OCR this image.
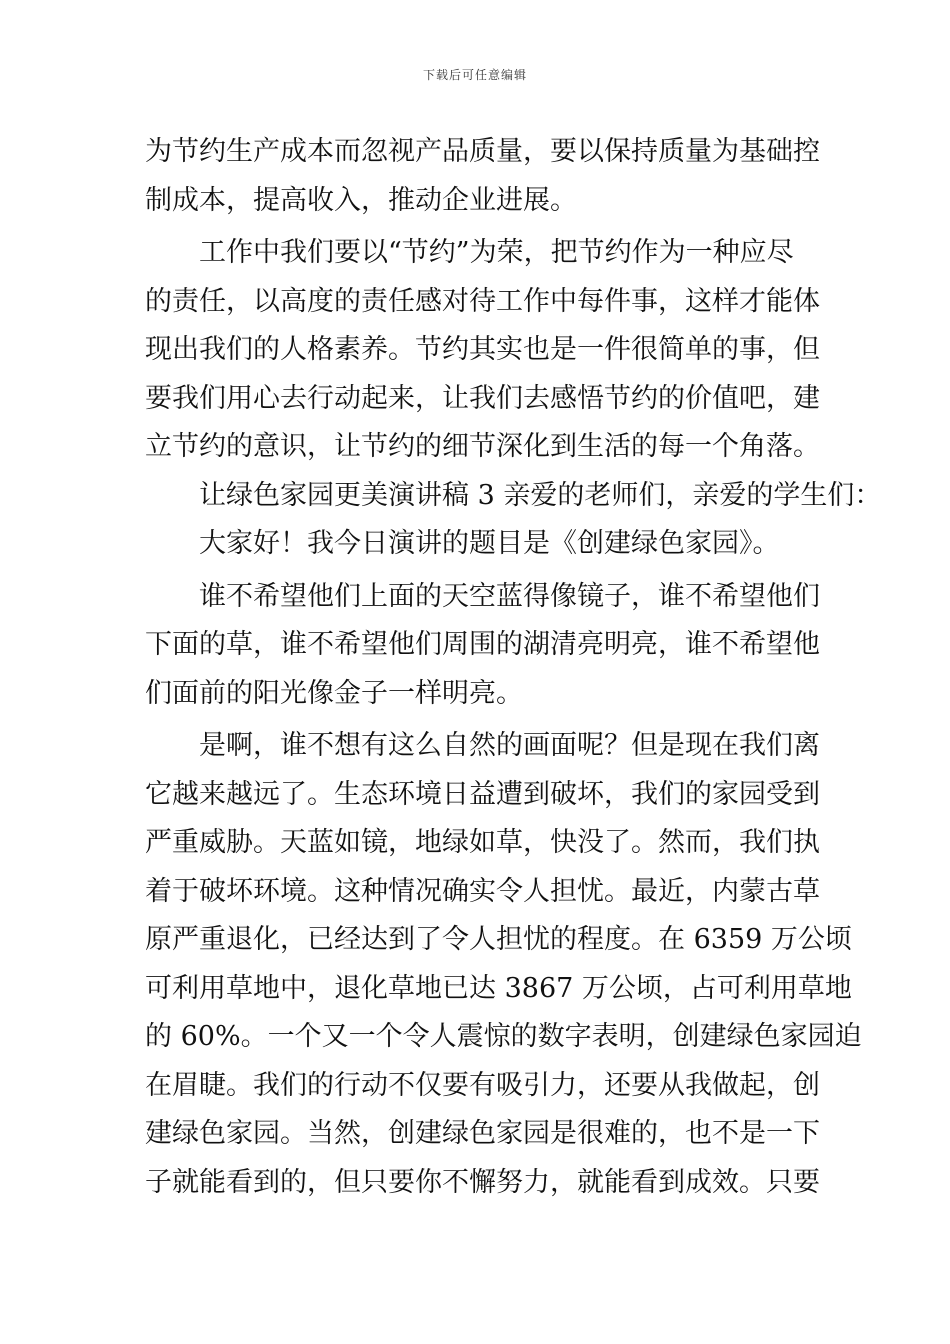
下载后可任意编辑
为节约生产成本而忽视产品质量，要以保持质量为基础控
制成本，提高收入，推动企业进展。
工作中我们要以“节约”为荣，把节约作为一种应尽
的责任，以高度的责任感对待工作中每件事，这样才能体
现出我们的人格素养。节约其实也是一件很简单的事，但
要我们用心去行动起来，让我们去感悟节约的价值吧，建
立节约的意识，让节约的细节深化到生活的每一个角落。
让绿色家园更美演讲稿 3 亲爱的老师们，亲爱的学生们：
大家好！我今日演讲的题目是《创建绿色家园》。
谁不希望他们上面的天空蓝得像镜子，谁不希望他们
下面的草，谁不希望他们周围的湖清亮明亮，谁不希望他
们面前的阳光像金子一样明亮。
是啊，谁不想有这么自然的画面呢？但是现在我们离
它越来越远了。生态环境日益遭到破坏，我们的家园受到
严重威胁。天蓝如镜，地绿如草，快没了。然而，我们执
着于破坏环境。这种情况确实令人担忧。最近，内蒙古草
原严重退化，已经达到了令人担忧的程度。在 6359 万公顷
可利用草地中，退化草地已达 3867 万公顷，占可利用草地
的 60%。一个又一个令人震惊的数字表明，创建绿色家园迫
在眉睫。我们的行动不仅要有吸引力，还要从我做起，创
建绿色家园。当然，创建绿色家园是很难的，也不是一下
子就能看到的，但只要你不懈努力，就能看到成效。只要
